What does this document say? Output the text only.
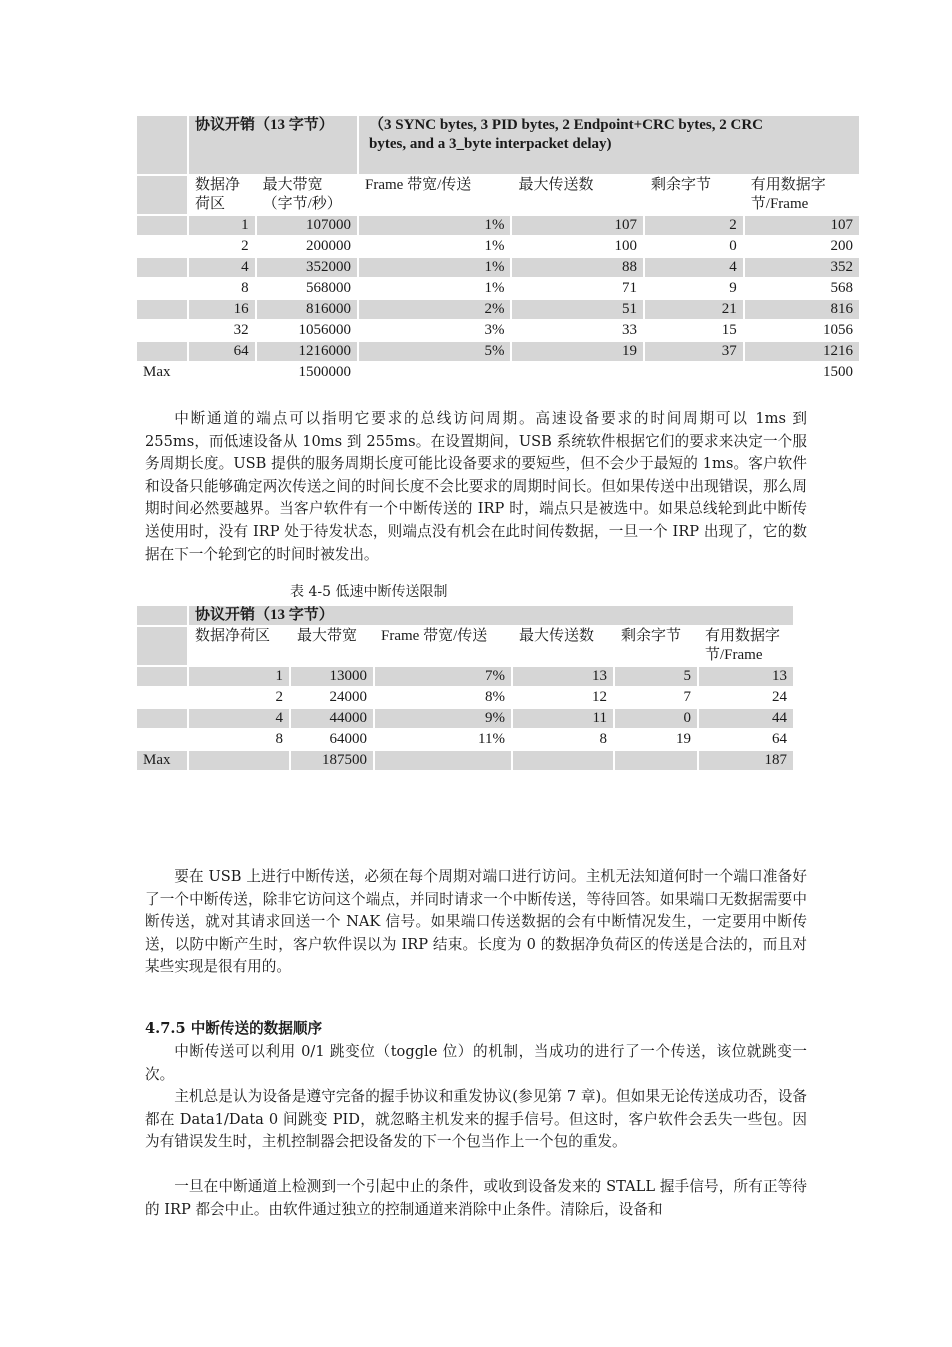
	协议开销（13 字节）		（3 SYNC bytes, 3 PID bytes, 2 Endpoint+CRC bytes, 2 CRC bytes, and a 3_byte interpacket delay)			
	数据净荷区	最大带宽（字节/秒）	Frame 带宽/传送	最大传送数	剩余字节	有用数据字节/Frame
	1	107000	1%	107	2	107
	2	200000	1%	100	0	200
	4	352000	1%	88	4	352
	8	568000	1%	71	9	568
	16	816000	2%	51	21	816
	32	1056000	3%	33	15	1056
	64	1216000	5%	19	37	1216
Max		1500000				1500

中断通道的端点可以指明它要求的总线访问周期。高速设备要求的时间周期可以 1ms 到 255ms，而低速设备从 10ms 到 255ms。在设置期间，USB 系统软件根据它们的要求来决定一个服务周期长度。USB 提供的服务周期长度可能比设备要求的要短些，但不会少于最短的 1ms。客户软件和设备只能够确定两次传送之间的时间长度不会比要求的周期时间长。但如果传送中出现错误，那么周期时间必然要越界。当客户软件有一个中断传送的 IRP 时，端点只是被选中。如果总线轮到此中断传送使用时，没有 IRP 处于待发状态，则端点没有机会在此时间传数据，一旦一个 IRP 出现了，它的数据在下一个轮到它的时间时被发出。

表 4-5 低速中断传送限制
	协议开销（13 字节）					
	数据净荷区	最大带宽	Frame 带宽/传送	最大传送数	剩余字节	有用数据字节/Frame
	1	13000	7%	13	5	13
	2	24000	8%	12	7	24
	4	44000	9%	11	0	44
	8	64000	11%	8	19	64
Max		187500				187

要在 USB 上进行中断传送，必须在每个周期对端口进行访问。主机无法知道何时一个端口准备好了一个中断传送，除非它访问这个端点，并同时请求一个中断传送，等待回答。如果端口无数据需要中断传送，就对其请求回送一个 NAK 信号。如果端口传送数据的会有中断情况发生，一定要用中断传送，以防中断产生时，客户软件误以为 IRP 结束。长度为 0 的数据净负荷区的传送是合法的，而且对某些实现是很有用的。

4.7.5 中断传送的数据顺序

中断传送可以利用 0/1 跳变位（toggle 位）的机制，当成功的进行了一个传送，该位就跳变一次。

主机总是认为设备是遵守完备的握手协议和重发协议(参见第 7 章)。但如果无论传送成功否，设备都在 Data1/Data 0 间跳变 PID，就忽略主机发来的握手信号。但这时，客户软件会丢失一些包。因为有错误发生时，主机控制器会把设备发的下一个包当作上一个包的重发。

一旦在中断通道上检测到一个引起中止的条件，或收到设备发来的 STALL 握手信号，所有正等待的 IRP 都会中止。由软件通过独立的控制通道来消除中止条件。清除后，设备和
